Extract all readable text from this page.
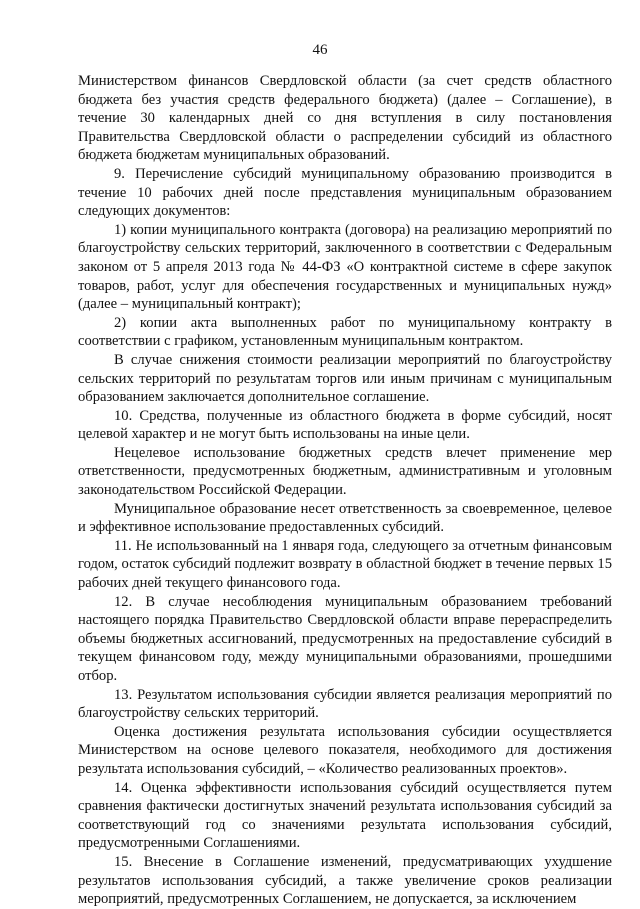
46

Министерством финансов Свердловской области (за счет средств областного бюджета без участия средств федерального бюджета) (далее – Соглашение), в течение 30 календарных дней со дня вступления в силу постановления Правительства Свердловской области о распределении субсидий из областного бюджета бюджетам муниципальных образований.

9. Перечисление субсидий муниципальному образованию производится в течение 10 рабочих дней после представления муниципальным образованием следующих документов:

1) копии муниципального контракта (договора) на реализацию мероприятий по благоустройству сельских территорий, заключенного в соответствии с Федеральным законом от 5 апреля 2013 года № 44-ФЗ «О контрактной системе в сфере закупок товаров, работ, услуг для обеспечения государственных и муниципальных нужд» (далее – муниципальный контракт);

2) копии акта выполненных работ по муниципальному контракту в соответствии с графиком, установленным муниципальным контрактом.

В случае снижения стоимости реализации мероприятий по благоустройству сельских территорий по результатам торгов или иным причинам с муниципальным образованием заключается дополнительное соглашение.

10. Средства, полученные из областного бюджета в форме субсидий, носят целевой характер и не могут быть использованы на иные цели.

Нецелевое использование бюджетных средств влечет применение мер ответственности, предусмотренных бюджетным, административным и уголовным законодательством Российской Федерации.

Муниципальное образование несет ответственность за своевременное, целевое и эффективное использование предоставленных субсидий.

11. Не использованный на 1 января года, следующего за отчетным финансовым годом, остаток субсидий подлежит возврату в областной бюджет в течение первых 15 рабочих дней текущего финансового года.

12. В случае несоблюдения муниципальным образованием требований настоящего порядка Правительство Свердловской области вправе перераспределить объемы бюджетных ассигнований, предусмотренных на предоставление субсидий в текущем финансовом году, между муниципальными образованиями, прошедшими отбор.

13. Результатом использования субсидии является реализация мероприятий по благоустройству сельских территорий.

Оценка достижения результата использования субсидии осуществляется Министерством на основе целевого показателя, необходимого для достижения результата использования субсидий, – «Количество реализованных проектов».

14. Оценка эффективности использования субсидий осуществляется путем сравнения фактически достигнутых значений результата использования субсидий за соответствующий год со значениями результата использования субсидий, предусмотренными Соглашениями.

15. Внесение в Соглашение изменений, предусматривающих ухудшение результатов использования субсидий, а также увеличение сроков реализации мероприятий, предусмотренных Соглашением, не допускается, за исключением
